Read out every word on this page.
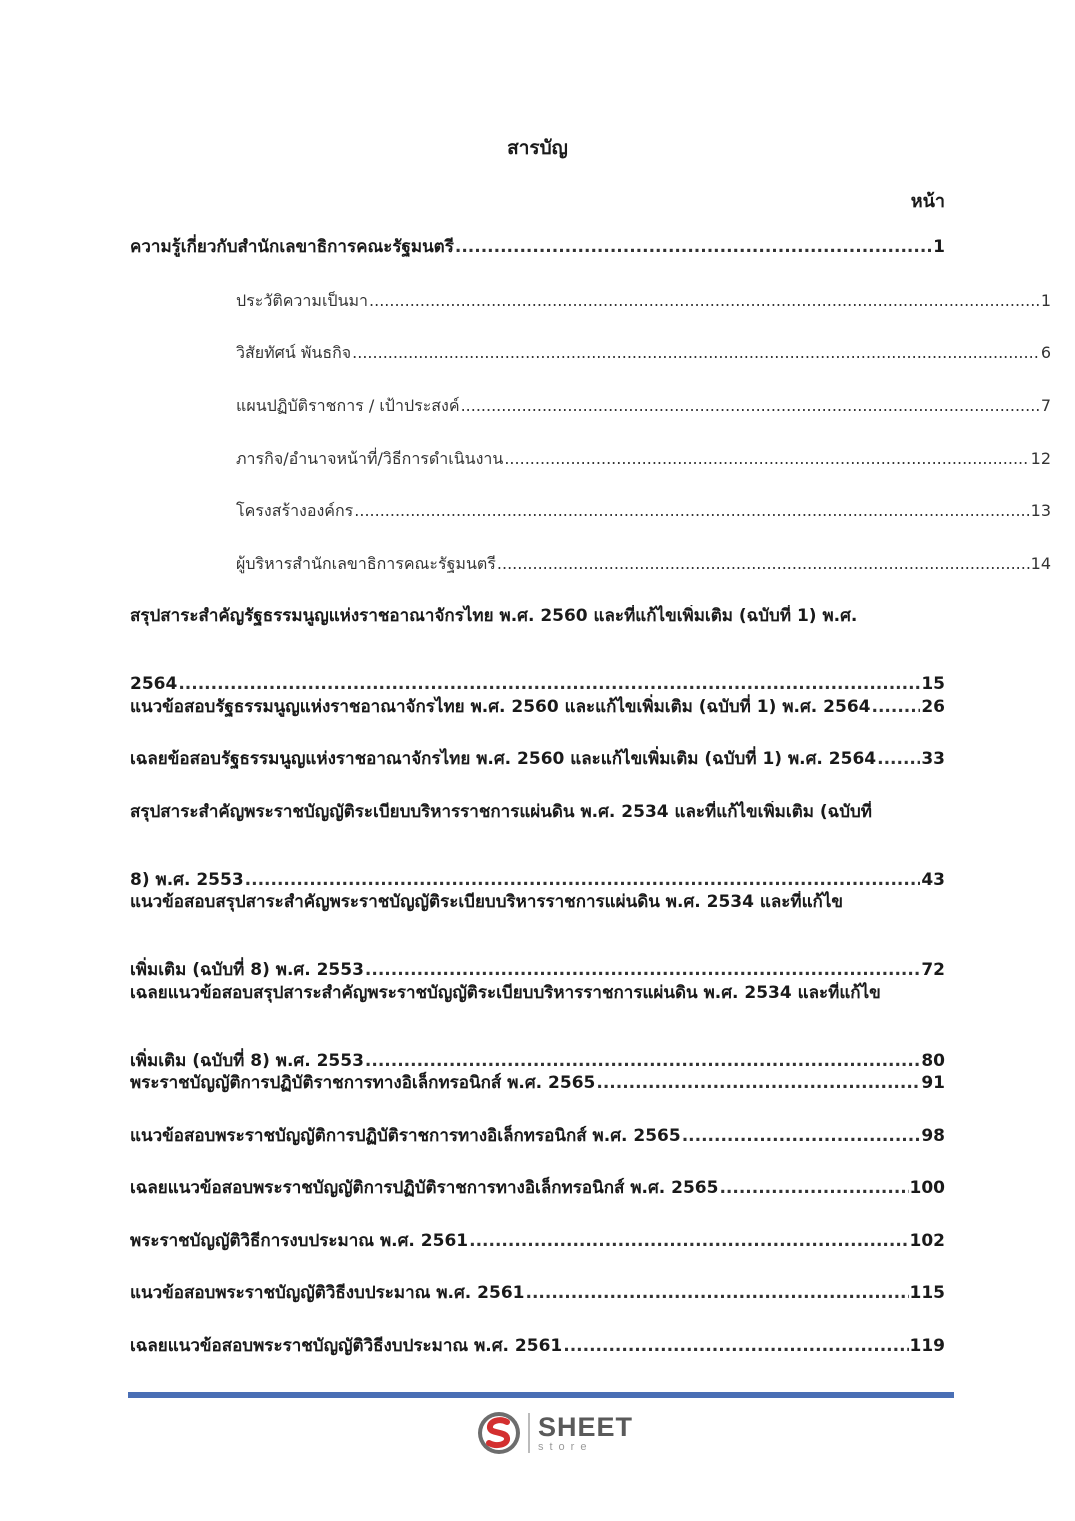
สารบัญ
หน้า
ความรู้เกี่ยวกับสำนักเลขาธิการคณะรัฐมนตรี .....	1
ประวัติความเป็นมา .....	1
วิสัยทัศน์ พันธกิจ .....	6
แผนปฏิบัติราชการ / เป้าประสงค์ .....	7
ภารกิจ/อำนาจหน้าที่/วิธีการดำเนินงาน .....	12
โครงสร้างองค์กร .....	13
ผู้บริหารสำนักเลขาธิการคณะรัฐมนตรี .....	14
สรุปสาระสำคัญรัฐธรรมนูญแห่งราชอาณาจักรไทย พ.ศ. 2560 และที่แก้ไขเพิ่มเติม (ฉบับที่ 1) พ.ศ.
2564 .....	15
แนวข้อสอบรัฐธรรมนูญแห่งราชอาณาจักรไทย พ.ศ. 2560 และแก้ไขเพิ่มเติม (ฉบับที่ 1) พ.ศ. 2564 .....	26
เฉลยข้อสอบรัฐธรรมนูญแห่งราชอาณาจักรไทย พ.ศ. 2560 และแก้ไขเพิ่มเติม (ฉบับที่ 1) พ.ศ. 2564 .....	33
สรุปสาระสำคัญพระราชบัญญัติระเบียบบริหารราชการแผ่นดิน พ.ศ. 2534 และที่แก้ไขเพิ่มเติม (ฉบับที่
8) พ.ศ. 2553 .....	43
แนวข้อสอบสรุปสาระสำคัญพระราชบัญญัติระเบียบบริหารราชการแผ่นดิน พ.ศ. 2534 และที่แก้ไข
เพิ่มเติม (ฉบับที่ 8) พ.ศ. 2553 .....	72
เฉลยแนวข้อสอบสรุปสาระสำคัญพระราชบัญญัติระเบียบบริหารราชการแผ่นดิน พ.ศ. 2534 และที่แก้ไข
เพิ่มเติม (ฉบับที่ 8) พ.ศ. 2553 .....	80
พระราชบัญญัติการปฏิบัติราชการทางอิเล็กทรอนิกส์ พ.ศ. 2565 .....	91
แนวข้อสอบพระราชบัญญัติการปฏิบัติราชการทางอิเล็กทรอนิกส์ พ.ศ. 2565 .....	98
เฉลยแนวข้อสอบพระราชบัญญัติการปฏิบัติราชการทางอิเล็กทรอนิกส์ พ.ศ. 2565 .....	100
พระราชบัญญัติวิธีการงบประมาณ พ.ศ. 2561 .....	102
แนวข้อสอบพระราชบัญญัติวิธีงบประมาณ พ.ศ. 2561 .....	115
เฉลยแนวข้อสอบพระราชบัญญัติวิธีงบประมาณ พ.ศ. 2561 .....	119
SHEET
store
